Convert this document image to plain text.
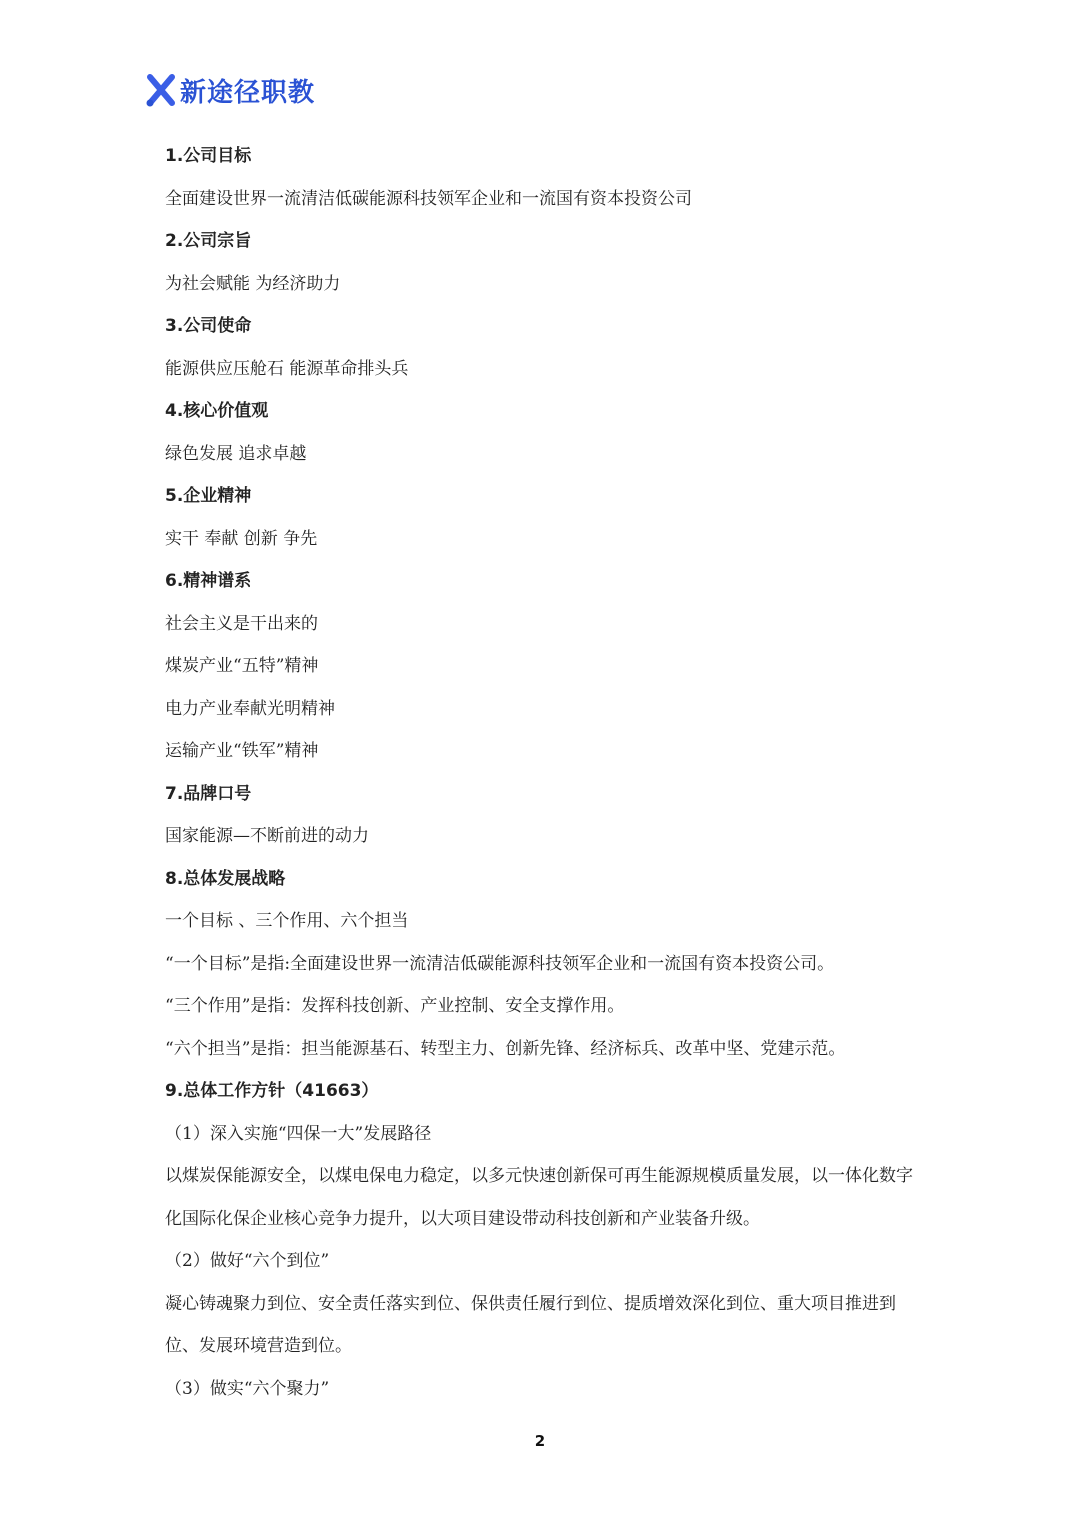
新途径职教
1.公司目标
全面建设世界一流清洁低碳能源科技领军企业和一流国有资本投资公司
2.公司宗旨
为社会赋能 为经济助力
3.公司使命
能源供应压舱石 能源革命排头兵
4.核心价值观
绿色发展 追求卓越
5.企业精神
实干 奉献 创新 争先
6.精神谱系
社会主义是干出来的
煤炭产业“五特”精神
电力产业奉献光明精神
运输产业“铁军”精神
7.品牌口号
国家能源—不断前进的动力
8.总体发展战略
一个目标 、三个作用、六个担当
“一个目标”是指:全面建设世界一流清洁低碳能源科技领军企业和一流国有资本投资公司。
“三个作用”是指：发挥科技创新、产业控制、安全支撑作用。
“六个担当”是指：担当能源基石、转型主力、创新先锋、经济标兵、改革中坚、党建示范。
9.总体工作方针（41663）
（1）深入实施“四保一大”发展路径
以煤炭保能源安全，以煤电保电力稳定，以多元快速创新保可再生能源规模质量发展，以一体化数字化国际化保企业核心竞争力提升，以大项目建设带动科技创新和产业装备升级。
（2）做好“六个到位”
凝心铸魂聚力到位、安全责任落实到位、保供责任履行到位、提质增效深化到位、重大项目推进到位、发展环境营造到位。
（3）做实“六个聚力”
2
